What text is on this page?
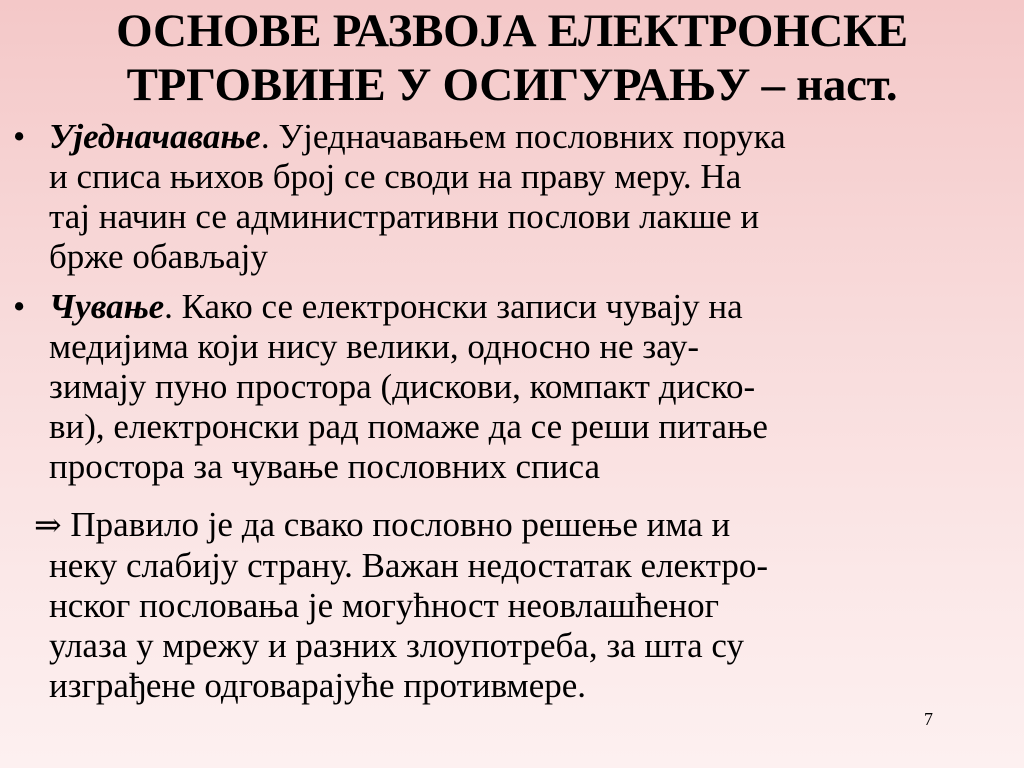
ОСНОВЕ РАЗВОЈА ЕЛЕКТРОНСКЕ
ТРГОВИНЕ У ОСИГУРАЊУ – наст.
• Уједначавање. Уједначавањем пословних порука
и списа њихов број се своди на праву меру. На
тај начин се административни послови лакше и
брже обављају
• Чување. Како се електронски записи чувају на
медијима који нису велики, односно не зау-
зимају пуно простора (дискови, компакт диско-
ви), електронски рад помаже да се реши питање
простора за чување пословних списа
⇒ Правило је да свако пословно решење има и
неку слабију страну. Важан недостатак електро-
нског пословања је могућност неовлашћеног
улаза у мрежу и разних злоупотреба, за шта су
изграђене одговарајуће противмере.
7
